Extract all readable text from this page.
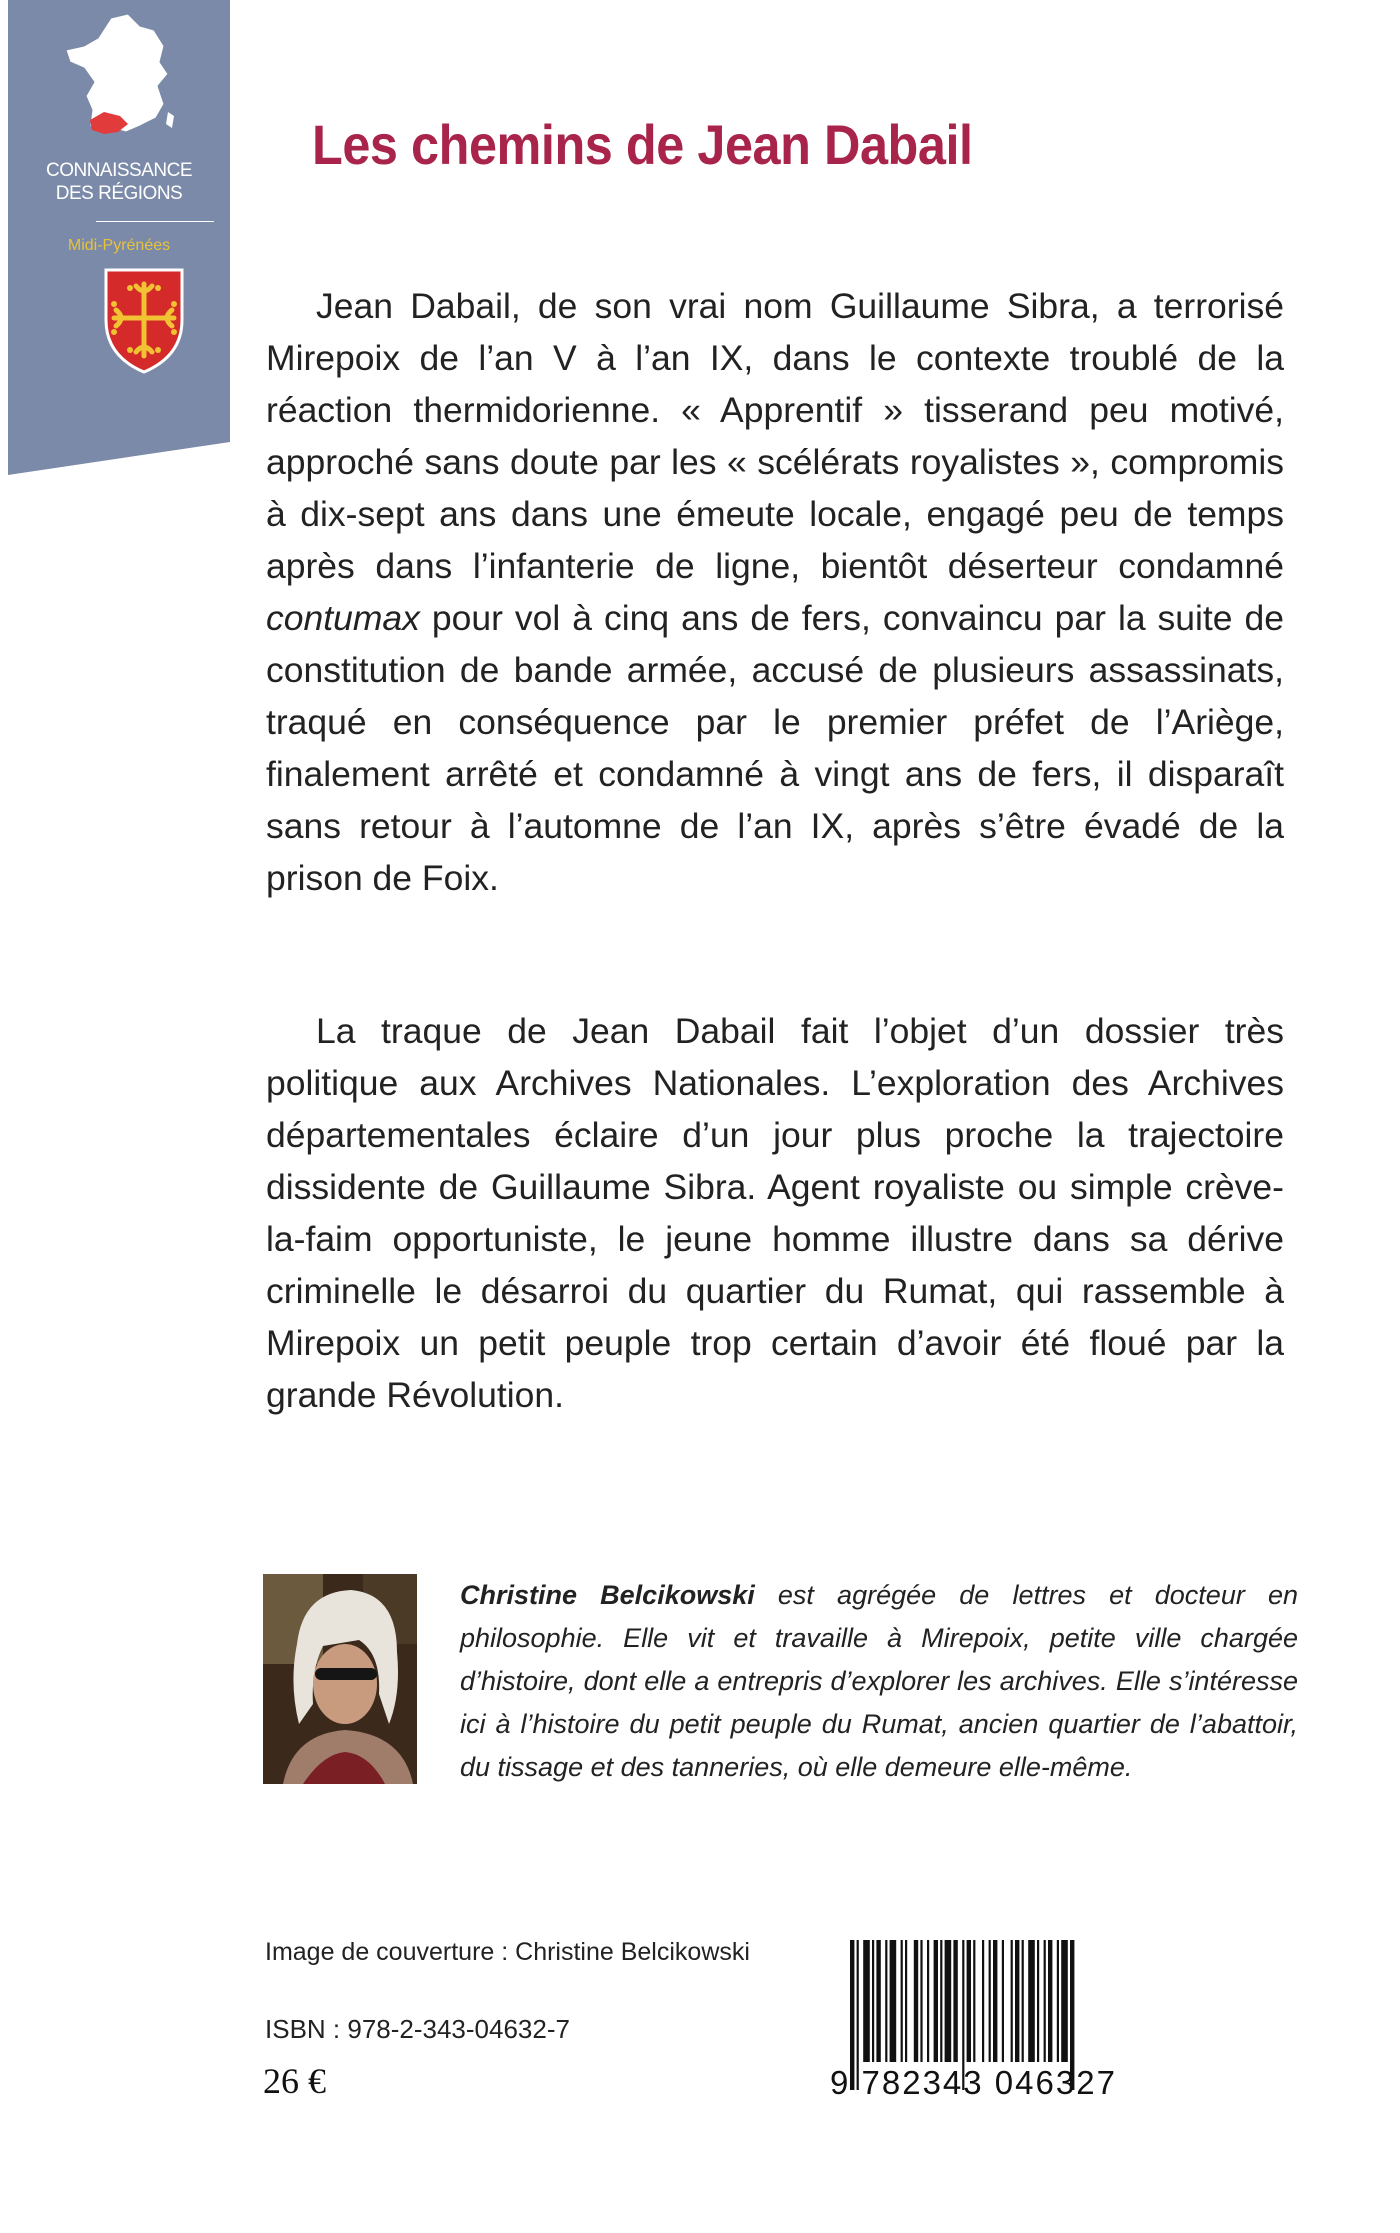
CONNAISSANCE
DES RÉGIONS
Midi-Pyrénées
Les chemins de Jean Dabail

Jean Dabail, de son vrai nom Guillaume Sibra, a terrorisé Mirepoix de l’an V à l’an IX, dans le contexte troublé de la réaction thermidorienne. « Apprentif » tisserand peu motivé, approché sans doute par les « scélérats royalistes », compromis à dix-sept ans dans une émeute locale, engagé peu de temps après dans l’infanterie de ligne, bientôt déserteur condamné contumax pour vol à cinq ans de fers, convaincu par la suite de constitution de bande armée, accusé de plusieurs assassinats, traqué en conséquence par le premier préfet de l’Ariège, finalement arrêté et condamné à vingt ans de fers, il disparaît sans retour à l’automne de l’an IX, après s’être évadé de la prison de Foix.

La traque de Jean Dabail fait l’objet d’un dossier très politique aux Archives Nationales. L’exploration des Archives départementales éclaire d’un jour plus proche la trajectoire dissidente de Guillaume Sibra. Agent royaliste ou simple crève-la-faim opportuniste, le jeune homme illustre dans sa dérive criminelle le désarroi du quartier du Rumat, qui rassemble à Mirepoix un petit peuple trop certain d’avoir été floué par la grande Révolution.

Christine Belcikowski est agrégée de lettres et docteur en philosophie. Elle vit et travaille à Mirepoix, petite ville chargée d’histoire, dont elle a entrepris d’explorer les archives. Elle s’intéresse ici à l’histoire du petit peuple du Rumat, ancien quartier de l’abattoir, du tissage et des tanneries, où elle demeure elle-même.

Image de couverture : Christine Belcikowski
ISBN : 978-2-343-04632-7
26 €	9 782343 046327
